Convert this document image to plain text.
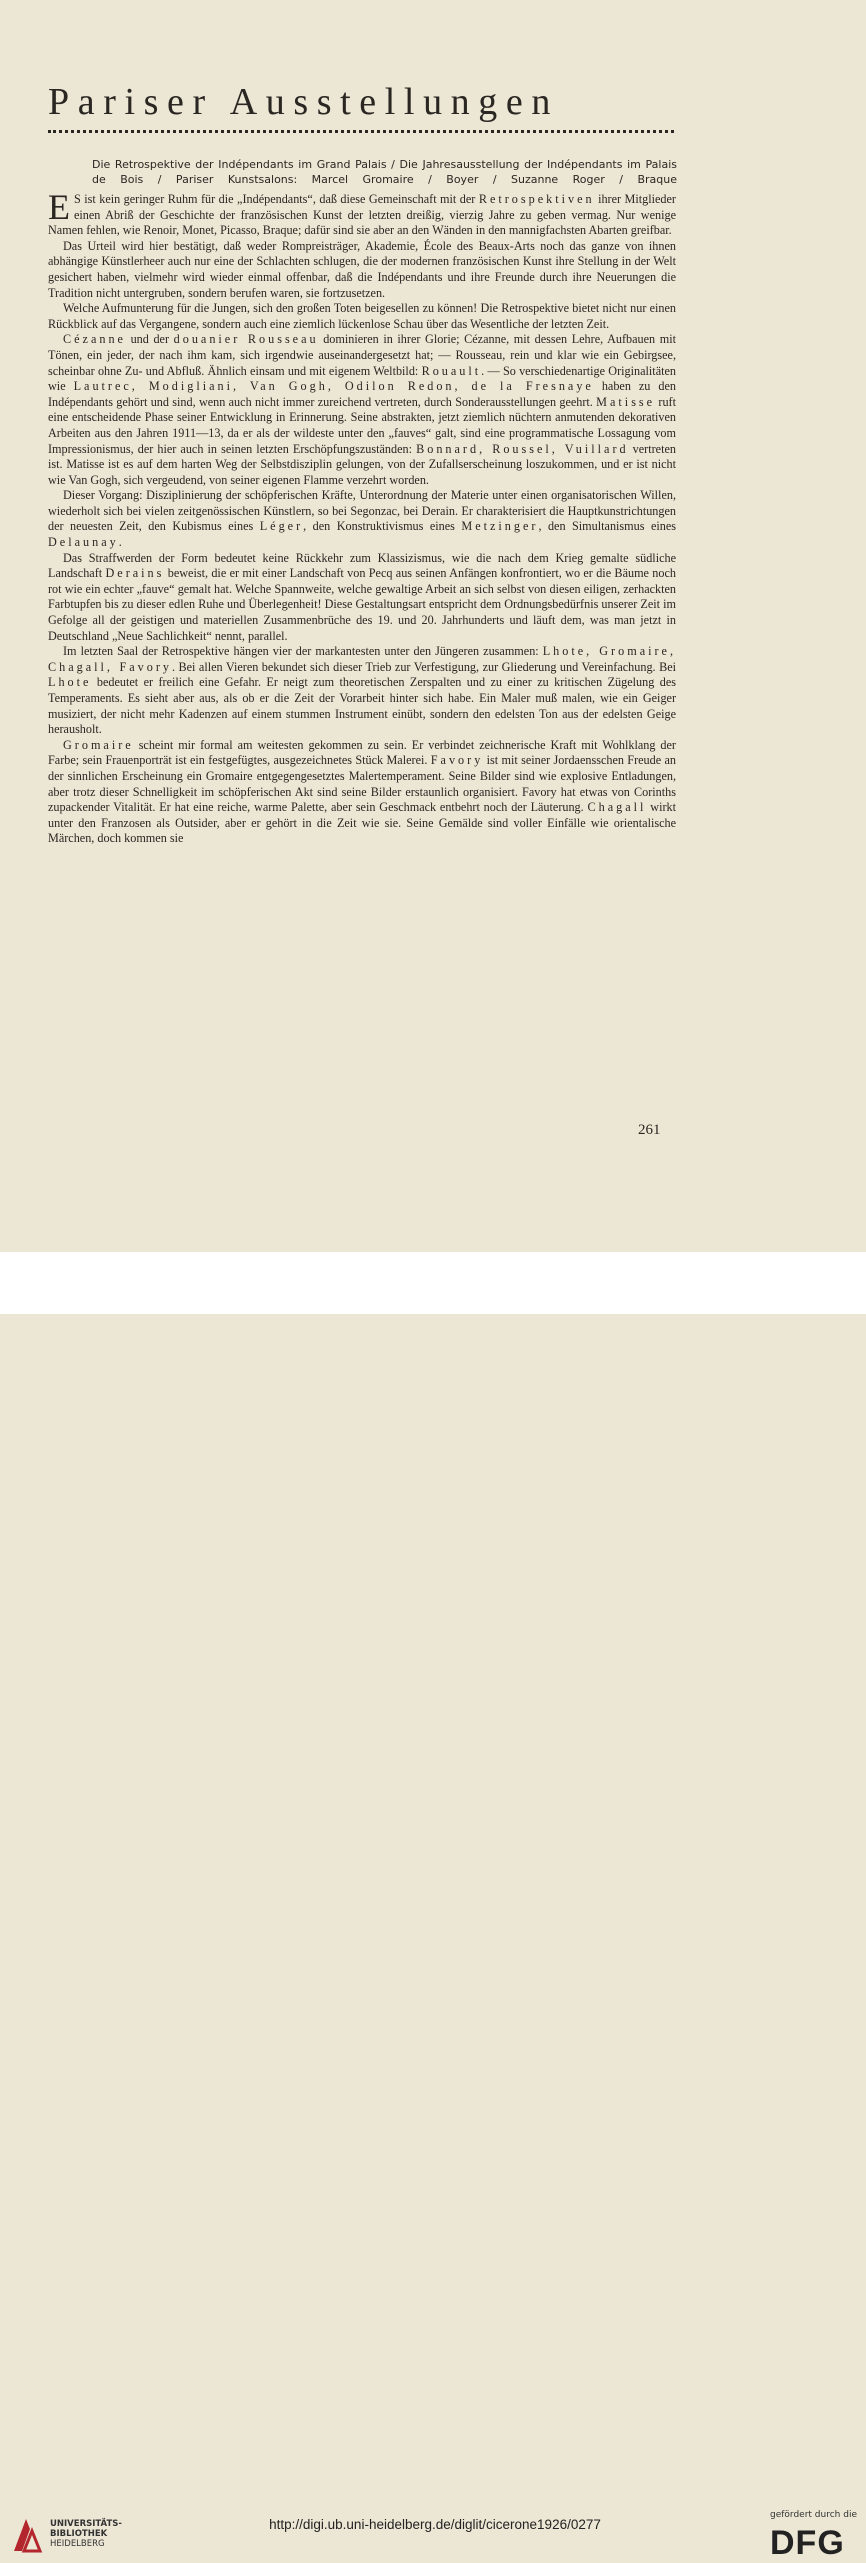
Pariser Ausstellungen
Die Retrospektive der Indépendants im Grand Palais / Die Jahresausstellung der Indépendants im Palais de Bois / Pariser Kunstsalons: Marcel Gromaire / Boyer / Suzanne Roger / Braque

E S ist kein geringer Ruhm für die „Indépendants“, daß diese Gemeinschaft mit der Retrospektiven ihrer Mitglieder einen Abriß der Geschichte der französischen Kunst der letzten dreißig, vierzig Jahre zu geben vermag. Nur wenige Namen fehlen, wie Renoir, Monet, Picasso, Braque; dafür sind sie aber an den Wänden in den mannigfachsten Abarten greifbar.

Das Urteil wird hier bestätigt, daß weder Rompreisträger, Akademie, École des Beaux-Arts noch das ganze von ihnen abhängige Künstlerheer auch nur eine der Schlachten schlugen, die der modernen französischen Kunst ihre Stellung in der Welt gesichert haben, vielmehr wird wieder einmal offenbar, daß die Indépendants und ihre Freunde durch ihre Neuerungen die Tradition nicht untergruben, sondern berufen waren, sie fortzusetzen.

Welche Aufmunterung für die Jungen, sich den großen Toten beigesellen zu können! Die Retrospektive bietet nicht nur einen Rückblick auf das Vergangene, sondern auch eine ziemlich lückenlose Schau über das Wesentliche der letzten Zeit.

Cézanne und der douanier Rousseau dominieren in ihrer Glorie; Cézanne, mit dessen Lehre, Aufbauen mit Tönen, ein jeder, der nach ihm kam, sich irgendwie auseinandergesetzt hat; — Rousseau, rein und klar wie ein Gebirgsee, scheinbar ohne Zu- und Abfluß. Ähnlich einsam und mit eigenem Weltbild: Rouault. — So verschiedenartige Originalitäten wie Lautrec, Modigliani, Van Gogh, Odilon Redon, de la Fresnaye haben zu den Indépendants gehört und sind, wenn auch nicht immer zureichend vertreten, durch Sonderausstellungen geehrt. Matisse ruft eine entscheidende Phase seiner Entwicklung in Erinnerung. Seine abstrakten, jetzt ziemlich nüchtern anmutenden dekorativen Arbeiten aus den Jahren 1911—13, da er als der wildeste unter den „fauves“ galt, sind eine programmatische Lossagung vom Impressionismus, der hier auch in seinen letzten Erschöpfungszuständen: Bonnard, Roussel, Vuillard vertreten ist. Matisse ist es auf dem harten Weg der Selbstdisziplin gelungen, von der Zufallserscheinung loszukommen, und er ist nicht wie Van Gogh, sich vergeudend, von seiner eigenen Flamme verzehrt worden.

Dieser Vorgang: Disziplinierung der schöpferischen Kräfte, Unterordnung der Materie unter einen organisatorischen Willen, wiederholt sich bei vielen zeitgenössischen Künstlern, so bei Segonzac, bei Derain. Er charakterisiert die Hauptkunstrichtungen der neuesten Zeit, den Kubismus eines Léger, den Konstruktivismus eines Metzinger, den Simultanismus eines Delaunay.

Das Straffwerden der Form bedeutet keine Rückkehr zum Klassizismus, wie die nach dem Krieg gemalte südliche Landschaft Derains beweist, die er mit einer Landschaft von Pecq aus seinen Anfängen konfrontiert, wo er die Bäume noch rot wie ein echter „fauve“ gemalt hat. Welche Spannweite, welche gewaltige Arbeit an sich selbst von diesen eiligen, zerhackten Farbtupfen bis zu dieser edlen Ruhe und Überlegenheit! Diese Gestaltungsart entspricht dem Ordnungsbedürfnis unserer Zeit im Gefolge all der geistigen und materiellen Zusammenbrüche des 19. und 20. Jahrhunderts und läuft dem, was man jetzt in Deutschland „Neue Sachlichkeit“ nennt, parallel.

Im letzten Saal der Retrospektive hängen vier der markantesten unter den Jüngeren zusammen: Lhote, Gromaire, Chagall, Favory. Bei allen Vieren bekundet sich dieser Trieb zur Verfestigung, zur Gliederung und Vereinfachung. Bei Lhote bedeutet er freilich eine Gefahr. Er neigt zum theoretischen Zerspalten und zu einer zu kritischen Zügelung des Temperaments. Es sieht aber aus, als ob er die Zeit der Vorarbeit hinter sich habe. Ein Maler muß malen, wie ein Geiger musiziert, der nicht mehr Kadenzen auf einem stummen Instrument einübt, sondern den edelsten Ton aus der edelsten Geige herausholt.

Gromaire scheint mir formal am weitesten gekommen zu sein. Er verbindet zeichnerische Kraft mit Wohlklang der Farbe; sein Frauenporträt ist ein festgefügtes, ausgezeichnetes Stück Malerei. Favory ist mit seiner Jordaensschen Freude an der sinnlichen Erscheinung ein Gromaire entgegengesetztes Malertemperament. Seine Bilder sind wie explosive Entladungen, aber trotz dieser Schnelligkeit im schöpferischen Akt sind seine Bilder erstaunlich organisiert. Favory hat etwas von Corinths zupackender Vitalität. Er hat eine reiche, warme Palette, aber sein Geschmack entbehrt noch der Läuterung. Chagall wirkt unter den Franzosen als Outsider, aber er gehört in die Zeit wie sie. Seine Gemälde sind voller Einfälle wie orientalische Märchen, doch kommen sie

261
UNIVERSITÄTS-
BIBLIOTHEK
HEIDELBERG
http://digi.ub.uni-heidelberg.de/diglit/cicerone1926/0277
gefördert durch die
DFG
